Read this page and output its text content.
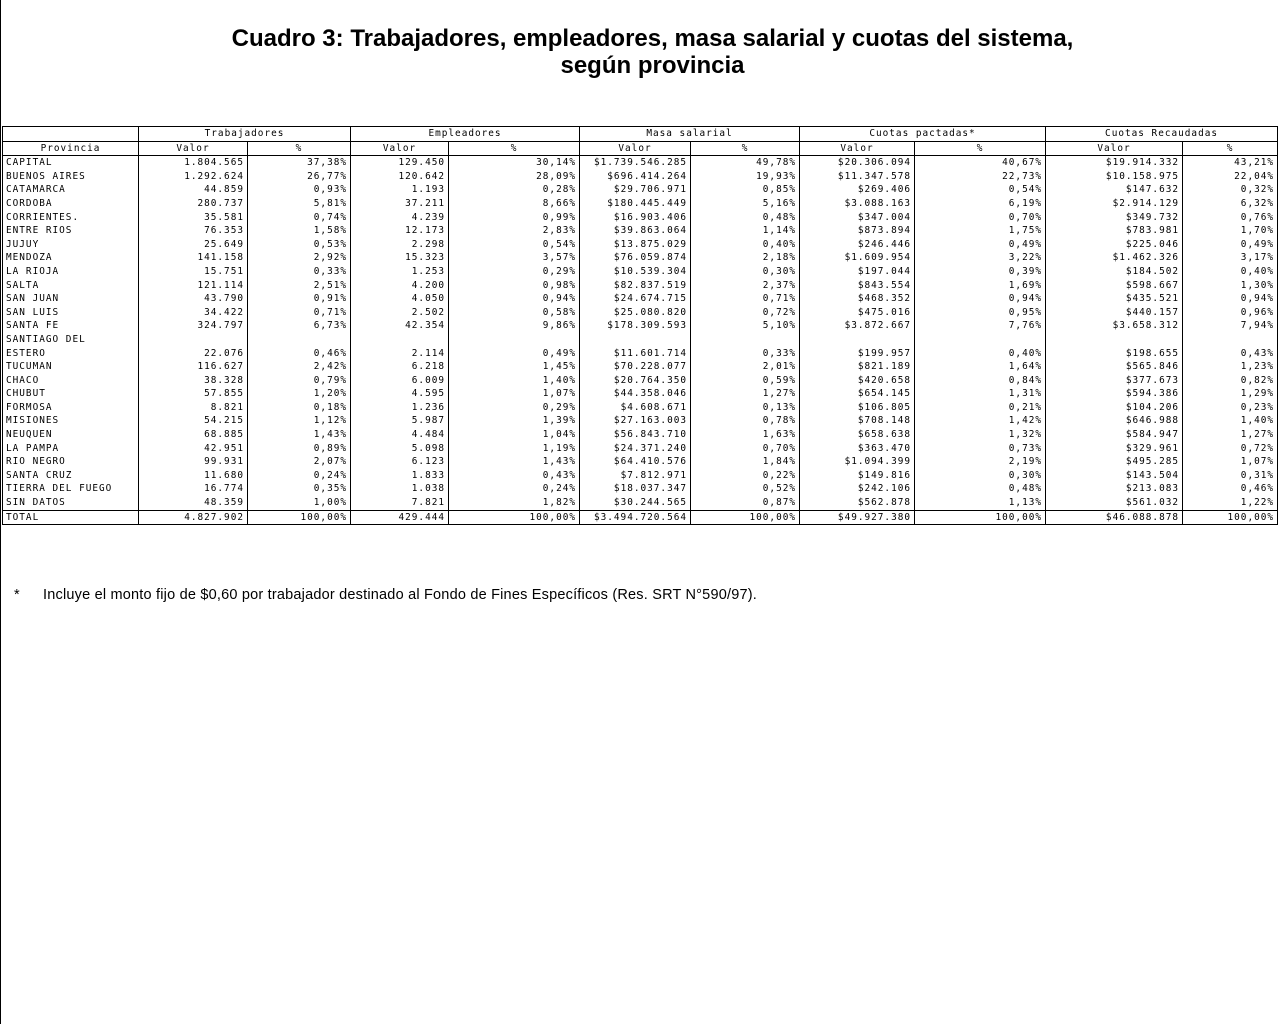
Cuadro 3: Trabajadores, empleadores, masa salarial y cuotas del sistema,
según provincia
	Trabajadores		Empleadores		Masa salarial		Cuotas pactadas*		Cuotas Recaudadas	
Provincia	Valor	%	Valor	%	Valor	%	Valor	%	Valor	%
CAPITAL	1.804.565	37,38%	129.450	30,14%	$1.739.546.285	49,78%	$20.306.094	40,67%	$19.914.332	43,21%
BUENOS AIRES	1.292.624	26,77%	120.642	28,09%	$696.414.264	19,93%	$11.347.578	22,73%	$10.158.975	22,04%
CATAMARCA	44.859	0,93%	1.193	0,28%	$29.706.971	0,85%	$269.406	0,54%	$147.632	0,32%
CORDOBA	280.737	5,81%	37.211	8,66%	$180.445.449	5,16%	$3.088.163	6,19%	$2.914.129	6,32%
CORRIENTES.	35.581	0,74%	4.239	0,99%	$16.903.406	0,48%	$347.004	0,70%	$349.732	0,76%
ENTRE RIOS	76.353	1,58%	12.173	2,83%	$39.863.064	1,14%	$873.894	1,75%	$783.981	1,70%
JUJUY	25.649	0,53%	2.298	0,54%	$13.875.029	0,40%	$246.446	0,49%	$225.046	0,49%
MENDOZA	141.158	2,92%	15.323	3,57%	$76.059.874	2,18%	$1.609.954	3,22%	$1.462.326	3,17%
LA RIOJA	15.751	0,33%	1.253	0,29%	$10.539.304	0,30%	$197.044	0,39%	$184.502	0,40%
SALTA	121.114	2,51%	4.200	0,98%	$82.837.519	2,37%	$843.554	1,69%	$598.667	1,30%
SAN JUAN	43.790	0,91%	4.050	0,94%	$24.674.715	0,71%	$468.352	0,94%	$435.521	0,94%
SAN LUIS	34.422	0,71%	2.502	0,58%	$25.080.820	0,72%	$475.016	0,95%	$440.157	0,96%
SANTA FE	324.797	6,73%	42.354	9,86%	$178.309.593	5,10%	$3.872.667	7,76%	$3.658.312	7,94%
SANTIAGO DEL
ESTERO	22.076	0,46%	2.114	0,49%	$11.601.714	0,33%	$199.957	0,40%	$198.655	0,43%
TUCUMAN	116.627	2,42%	6.218	1,45%	$70.228.077	2,01%	$821.189	1,64%	$565.846	1,23%
CHACO	38.328	0,79%	6.009	1,40%	$20.764.350	0,59%	$420.658	0,84%	$377.673	0,82%
CHUBUT	57.855	1,20%	4.595	1,07%	$44.358.046	1,27%	$654.145	1,31%	$594.386	1,29%
FORMOSA	8.821	0,18%	1.236	0,29%	$4.608.671	0,13%	$106.805	0,21%	$104.206	0,23%
MISIONES	54.215	1,12%	5.987	1,39%	$27.163.003	0,78%	$708.148	1,42%	$646.988	1,40%
NEUQUEN	68.885	1,43%	4.484	1,04%	$56.843.710	1,63%	$658.638	1,32%	$584.947	1,27%
LA PAMPA	42.951	0,89%	5.098	1,19%	$24.371.240	0,70%	$363.470	0,73%	$329.961	0,72%
RIO NEGRO	99.931	2,07%	6.123	1,43%	$64.410.576	1,84%	$1.094.399	2,19%	$495.285	1,07%
SANTA CRUZ	11.680	0,24%	1.833	0,43%	$7.812.971	0,22%	$149.816	0,30%	$143.504	0,31%
TIERRA DEL FUEGO	16.774	0,35%	1.038	0,24%	$18.037.347	0,52%	$242.106	0,48%	$213.083	0,46%
SIN DATOS	48.359	1,00%	7.821	1,82%	$30.244.565	0,87%	$562.878	1,13%	$561.032	1,22%
TOTAL	4.827.902	100,00%	429.444	100,00%	$3.494.720.564	100,00%	$49.927.380	100,00%	$46.088.878	100,00%
* Incluye el monto fijo de $0,60 por trabajador destinado al Fondo de Fines Específicos (Res. SRT N°590/97).
